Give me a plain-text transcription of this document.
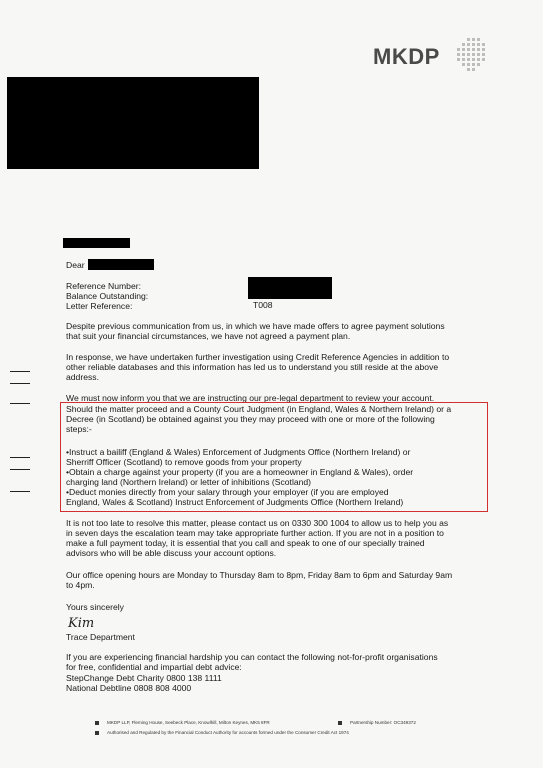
MKDP
Dear
Reference Number:
Balance Outstanding:
Letter Reference:	T008
Despite previous communication from us, in which we have made offers to agree payment solutions
that suit your financial circumstances, we have not agreed a payment plan.
In response, we have undertaken further investigation using Credit Reference Agencies in addition to
other reliable databases and this information has led us to understand you still reside at the above
address.
We must now inform you that we are instructing our pre-legal department to review your account.
Should the matter proceed and a County Court Judgment (in England, Wales & Northern Ireland) or a
Decree (in Scotland) be obtained against you they may proceed with one or more of the following
steps:-
•Instruct a bailiff (England & Wales) Enforcement of Judgments Office (Northern Ireland) or
Sherriff Officer (Scotland) to remove goods from your property
•Obtain a charge against your property (if you are a homeowner in England & Wales), order
charging land (Northern Ireland) or letter of inhibitions (Scotland)
•Deduct monies directly from your salary through your employer (if you are employed
England, Wales & Scotland) Instruct Enforcement of Judgments Office (Northern Ireland)
It is not too late to resolve this matter, please contact us on 0330 300 1004 to allow us to help you as
in seven days the escalation team may take appropriate further action. If you are not in a position to
make a full payment today, it is essential that you call and speak to one of our specially trained
advisors who will be able discuss your account options.
Our office opening hours are Monday to Thursday 8am to 8pm, Friday 8am to 6pm and Saturday 9am
to 4pm.
Yours sincerely
Kim
Trace Department
If you are experiencing financial hardship you can contact the following not-for-profit organisations
for free, confidential and impartial debt advice:
StepChange Debt Charity 0800 138 1111
National Debtline 0808 808 4000
MKDP LLP, Fleming House, Seebeck Place, Knowlhill, Milton Keynes, MK5 8FR	Partnership Number: OC349372
Authorised and Regulated by the Financial Conduct Authority for accounts formed under the Consumer Credit Act 1974
